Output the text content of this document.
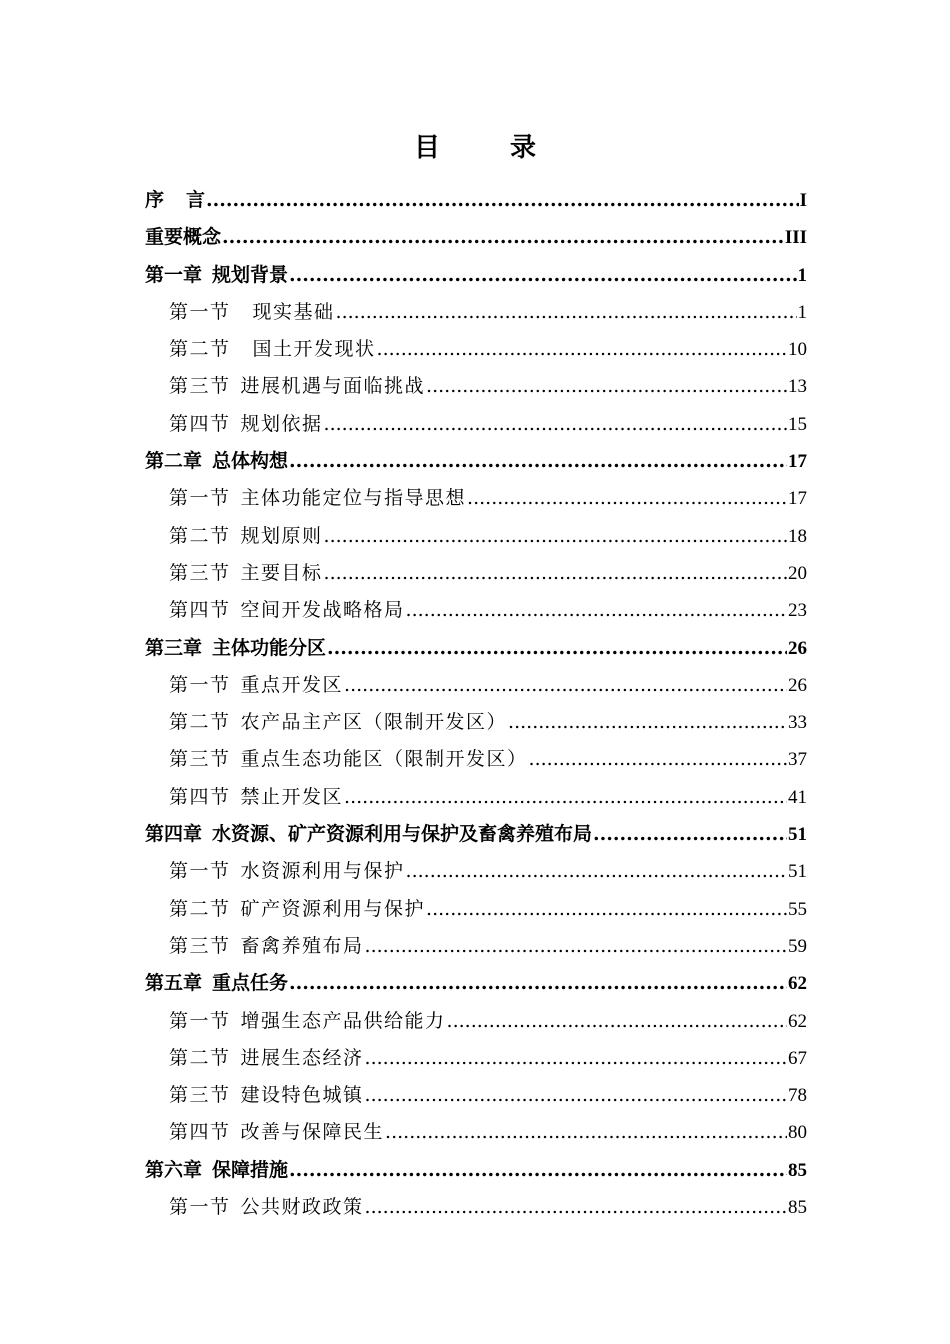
目　录
序 言 .....	I
重要概念 .....	III
第一章 规划背景 .....	1
第一节 现实基础 .....	1
第二节 国土开发现状 .....	10
第三节 进展机遇与面临挑战 .....	13
第四节 规划依据 .....	15
第二章 总体构想 .....	17
第一节 主体功能定位与指导思想 .....	17
第二节 规划原则 .....	18
第三节 主要目标 .....	20
第四节 空间开发战略格局 .....	23
第三章 主体功能分区 .....	26
第一节 重点开发区 .....	26
第二节 农产品主产区（限制开发区） .....	33
第三节 重点生态功能区（限制开发区） .....	37
第四节 禁止开发区 .....	41
第四章 水资源、矿产资源利用与保护及畜禽养殖布局 .....	51
第一节 水资源利用与保护 .....	51
第二节 矿产资源利用与保护 .....	55
第三节 畜禽养殖布局 .....	59
第五章 重点任务 .....	62
第一节 增强生态产品供给能力 .....	62
第二节 进展生态经济 .....	67
第三节 建设特色城镇 .....	78
第四节 改善与保障民生 .....	80
第六章 保障措施 .....	85
第一节 公共财政政策 .....	85
